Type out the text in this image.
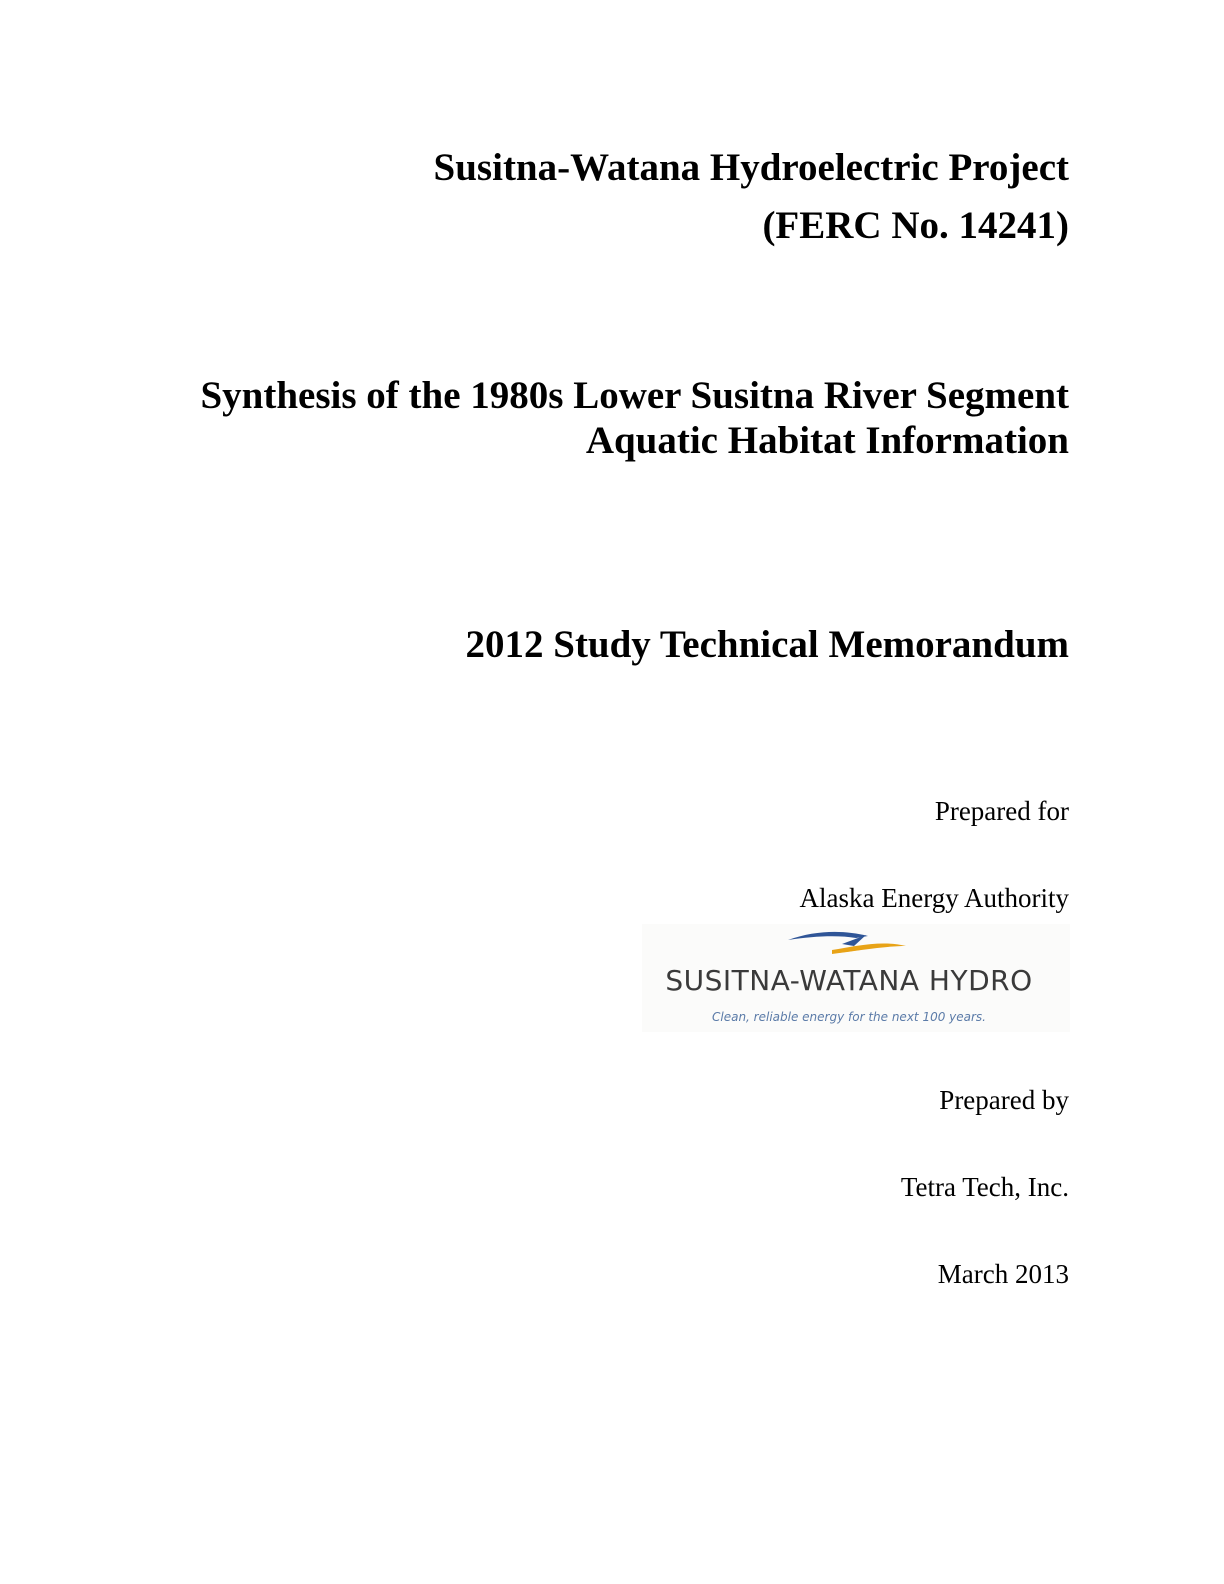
Susitna-Watana Hydroelectric Project
(FERC No. 14241)
Synthesis of the 1980s Lower Susitna River Segment
Aquatic Habitat Information
2012 Study Technical Memorandum
Prepared for
Alaska Energy Authority
SUSITNA-WATANA HYDRO
Clean, reliable energy for the next 100 years.
Prepared by
Tetra Tech, Inc.
March 2013
